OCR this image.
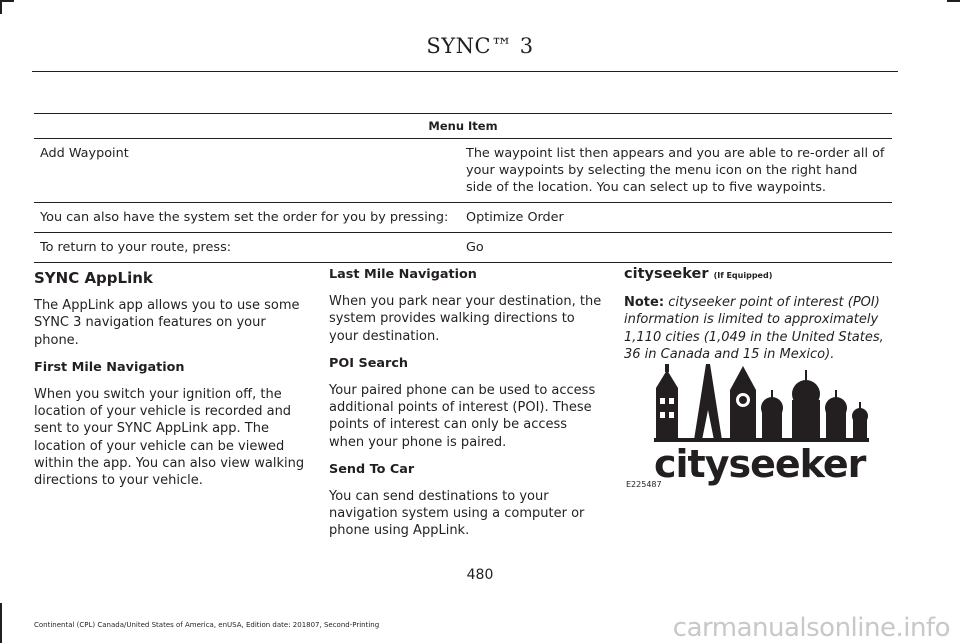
SYNC™ 3
Menu Item	
Add Waypoint	The waypoint list then appears and you are able to re-order all of your waypoints by selecting the menu icon on the right hand side of the location. You can select up to five waypoints.
You can also have the system set the order for you by pressing:	Optimize Order
To return to your route, press:	Go
SYNC AppLink

The AppLink app allows you to use some SYNC 3 navigation features on your phone.

First Mile Navigation

When you switch your ignition off, the location of your vehicle is recorded and sent to your SYNC AppLink app. The location of your vehicle can be viewed within the app. You can also view walking directions to your vehicle.

Last Mile Navigation

When you park near your destination, the system provides walking directions to your destination.

POI Search

Your paired phone can be used to access additional points of interest (POI). These points of interest can only be access when your phone is paired.

Send To Car

You can send destinations to your navigation system using a computer or phone using AppLink.

cityseeker (If Equipped)

Note: cityseeker point of interest (POI) information is limited to approximately 1,110 cities (1,049 in the United States, 36 in Canada and 15 in Mexico).

cityseeker
E225487
480
Continental (CPL) Canada/United States of America, enUSA, Edition date: 201807, Second-Printing	carmanualsonline.info
